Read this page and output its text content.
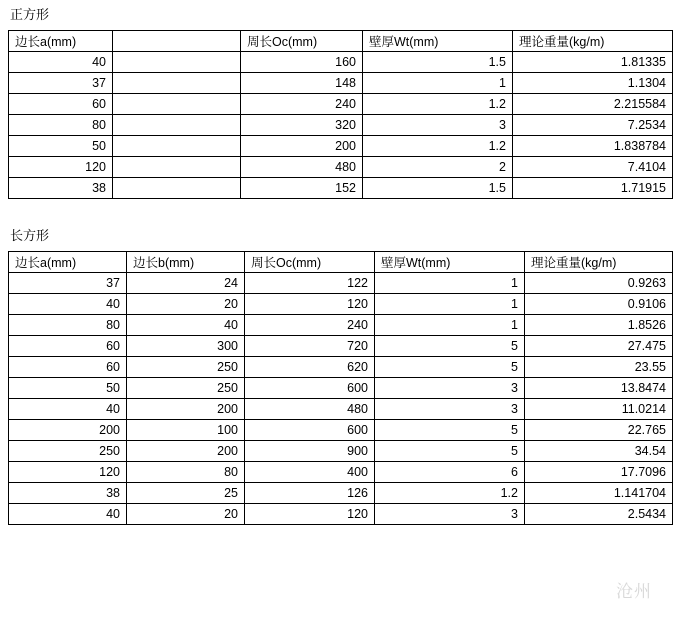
正方形
边长a(mm)		周长Oc(mm)	壁厚Wt(mm)	理论重量(kg/m)
40		160	1.5	1.81335
37		148	1	1.1304
60		240	1.2	2.215584
80		320	3	7.2534
50		200	1.2	1.838784
120		480	2	7.4104
38		152	1.5	1.71915
长方形
边长a(mm)	边长b(mm)	周长Oc(mm)	壁厚Wt(mm)	理论重量(kg/m)
37	24	122	1	0.9263
40	20	120	1	0.9106
80	40	240	1	1.8526
60	300	720	5	27.475
60	250	620	5	23.55
50	250	600	3	13.8474
40	200	480	3	11.0214
200	100	600	5	22.765
250	200	900	5	34.54
120	80	400	6	17.7096
38	25	126	1.2	1.141704
40	20	120	3	2.5434
沧州
